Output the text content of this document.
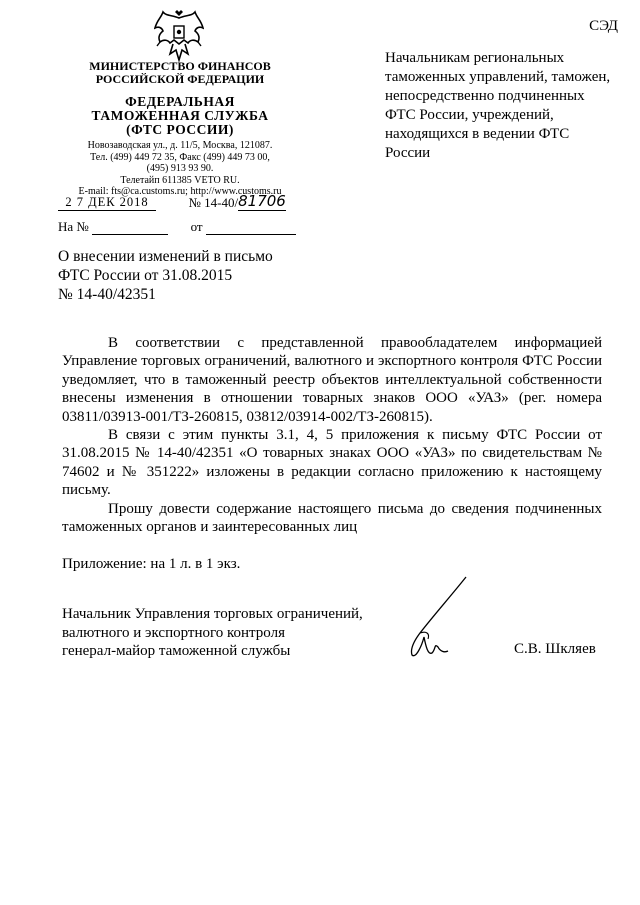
СЭД
МИНИСТЕРСТВО ФИНАНСОВ
РОССИЙСКОЙ ФЕДЕРАЦИИ
ФЕДЕРАЛЬНАЯ
ТАМОЖЕННАЯ СЛУЖБА
(ФТС РОССИИ)
Новозаводская ул., д. 11/5, Москва, 121087.
Тел. (499) 449 72 35, Факс (499) 449 73 00,
(495) 913 93 90.
Телетайп 611385 VETO RU.
E-mail: fts@ca.customs.ru; http://www.customs.ru
Начальникам региональных таможенных управлений, таможен, непосредственно подчиненных ФТС России, учреждений, находящихся в ведении ФТС России
2 7 ДЕК 2018	№ 14-40/81706
На №	от
О внесении изменений в письмо
ФТС России от 31.08.2015
№ 14-40/42351

В соответствии с представленной правообладателем информацией Управление торговых ограничений, валютного и экспортного контроля ФТС России уведомляет, что в таможенный реестр объектов интеллектуальной собственности внесены изменения в отношении товарных знаков ООО «УАЗ» (рег. номера 03811/03913-001/ТЗ-260815, 03812/03914-002/ТЗ-260815).

В связи с этим пункты 3.1, 4, 5 приложения к письму ФТС России от 31.08.2015 № 14-40/42351 «О товарных знаках ООО «УАЗ» по свидетельствам № 74602 и № 351222» изложены в редакции согласно приложению к настоящему письму.

Прошу довести содержание настоящего письма до сведения подчиненных таможенных органов и заинтересованных лиц

Приложение: на 1 л. в 1 экз.
Начальник Управления торговых ограничений,
валютного и экспортного контроля
генерал-майор таможенной службы	С.В. Шкляев
